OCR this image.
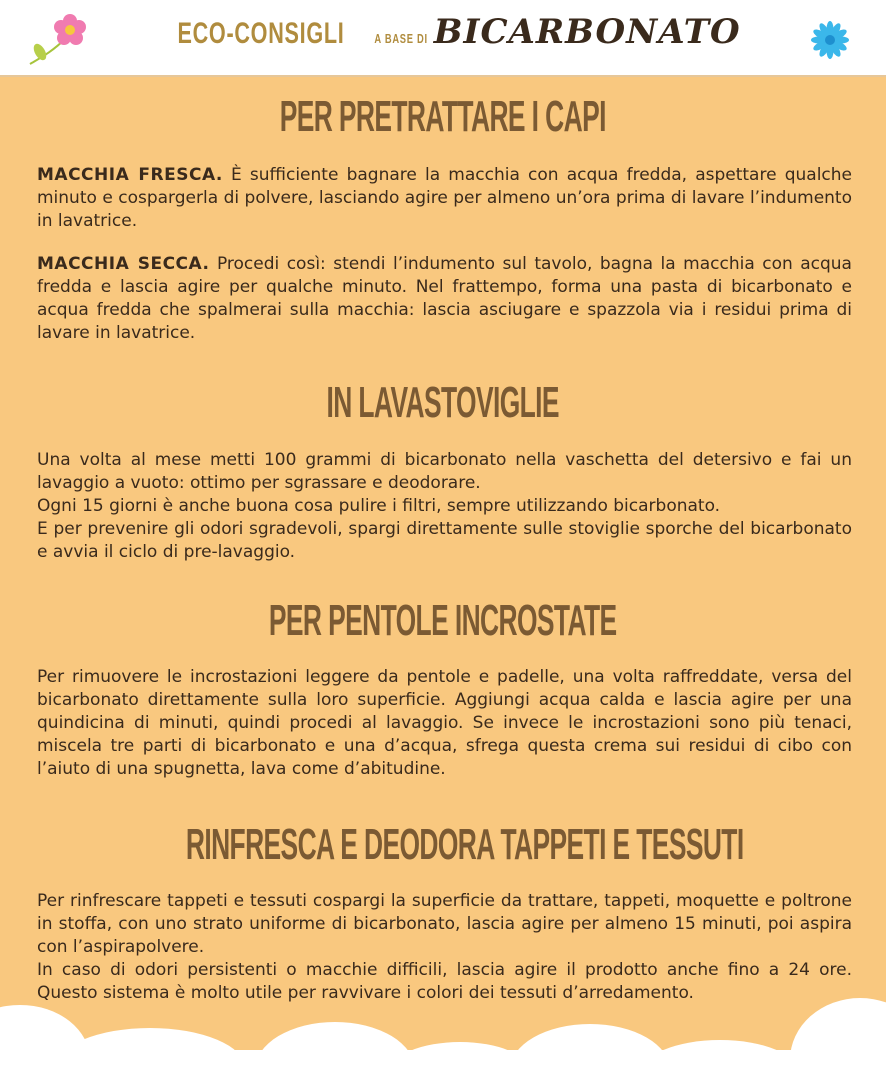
ECO-CONSIGLI A BASE DI BICARBONATO
PER PRETRATTARE I CAPI
MACCHIA FRESCA. È sufficiente bagnare la macchia con acqua fredda, aspettare qualche minuto e cospargerla di polvere, lasciando agire per almeno un’ora prima di lavare l’indumento in lavatrice.
MACCHIA SECCA. Procedi così: stendi l’indumento sul tavolo, bagna la macchia con acqua fredda e lascia agire per qualche minuto. Nel frattempo, forma una pasta di bicarbonato e acqua fredda che spalmerai sulla macchia: lascia asciugare e spazzola via i residui prima di lavare in lavatrice.
IN LAVASTOVIGLIE
Una volta al mese metti 100 grammi di bicarbonato nella vaschetta del detersivo e fai un lavaggio a vuoto: ottimo per sgrassare e deodorare.
Ogni 15 giorni è anche buona cosa pulire i filtri, sempre utilizzando bicarbonato.
E per prevenire gli odori sgradevoli, spargi direttamente sulle stoviglie sporche del bicarbonato e avvia il ciclo di pre-lavaggio.
PER PENTOLE INCROSTATE
Per rimuovere le incrostazioni leggere da pentole e padelle, una volta raffreddate, versa del bicarbonato direttamente sulla loro superficie. Aggiungi acqua calda e lascia agire per una quindicina di minuti, quindi procedi al lavaggio. Se invece le incrostazioni sono più tenaci, miscela tre parti di bicarbonato e una d’acqua, sfrega questa crema sui residui di cibo con l’aiuto di una spugnetta, lava come d’abitudine.
RINFRESCA E DEODORA TAPPETI E TESSUTI
Per rinfrescare tappeti e tessuti cospargi la superficie da trattare, tappeti, moquette e poltrone in stoffa, con uno strato uniforme di bicarbonato, lascia agire per almeno 15 minuti, poi aspira con l’aspirapolvere.
In caso di odori persistenti o macchie difficili, lascia agire il prodotto anche fino a 24 ore. Questo sistema è molto utile per ravvivare i colori dei tessuti d’arredamento.
